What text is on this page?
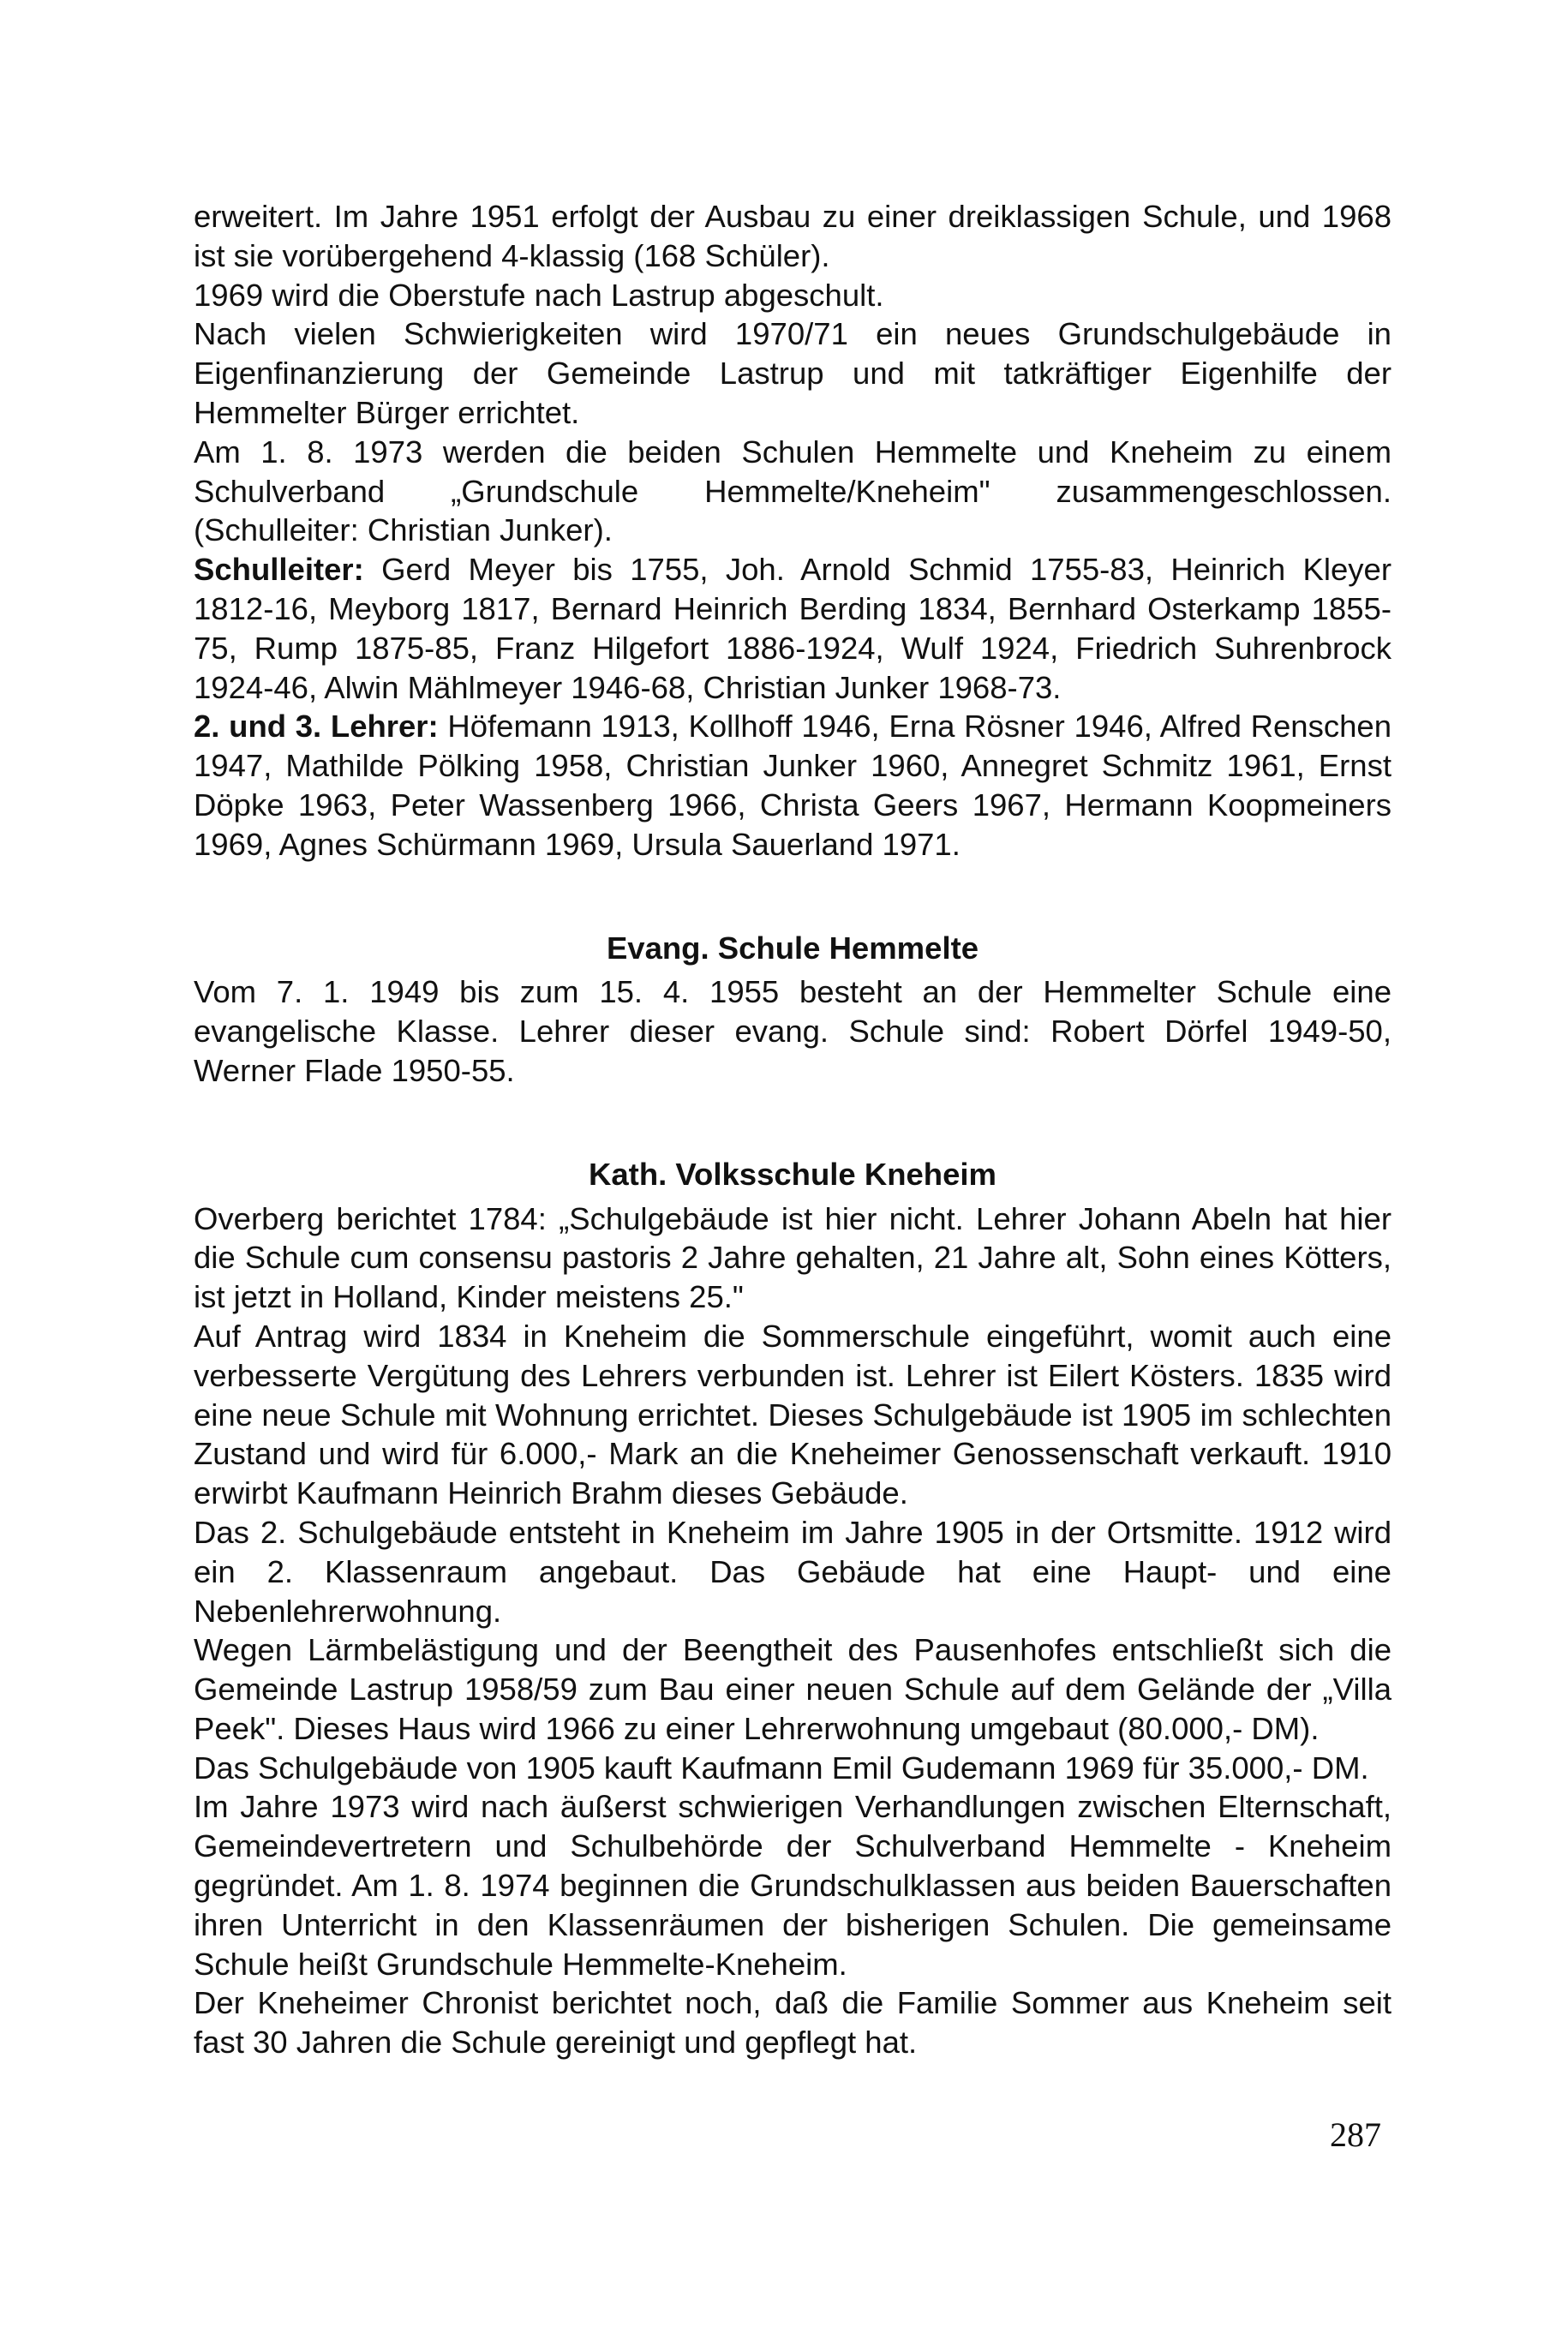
erweitert. Im Jahre 1951 erfolgt der Ausbau zu einer dreiklassigen Schule, und 1968 ist sie vorübergehend 4-klassig (168 Schüler).

1969 wird die Oberstufe nach Lastrup abgeschult.

Nach vielen Schwierigkeiten wird 1970/71 ein neues Grundschulgebäude in Eigenfinanzierung der Gemeinde Lastrup und mit tatkräftiger Eigenhilfe der Hemmelter Bürger errichtet.

Am 1. 8. 1973 werden die beiden Schulen Hemmelte und Kneheim zu einem Schulverband „Grundschule Hemmelte/Kneheim" zusammengeschlossen. (Schulleiter: Christian Junker).

Schulleiter: Gerd Meyer bis 1755, Joh. Arnold Schmid 1755-83, Heinrich Kleyer 1812-16, Meyborg 1817, Bernard Heinrich Berding 1834, Bernhard Osterkamp 1855-75, Rump 1875-85, Franz Hilgefort 1886-1924, Wulf 1924, Friedrich Suhrenbrock 1924-46, Alwin Mählmeyer 1946-68, Christian Junker 1968-73.

2. und 3. Lehrer: Höfemann 1913, Kollhoff 1946, Erna Rösner 1946, Alfred Renschen 1947, Mathilde Pölking 1958, Christian Junker 1960, Annegret Schmitz 1961, Ernst Döpke 1963, Peter Wassenberg 1966, Christa Geers 1967, Hermann Koopmeiners 1969, Agnes Schürmann 1969, Ursula Sauerland 1971.

Evang. Schule Hemmelte

Vom 7. 1. 1949 bis zum 15. 4. 1955 besteht an der Hemmelter Schule eine evangelische Klasse. Lehrer dieser evang. Schule sind: Robert Dörfel 1949-50, Werner Flade 1950-55.

Kath. Volksschule Kneheim

Overberg berichtet 1784: „Schulgebäude ist hier nicht. Lehrer Johann Abeln hat hier die Schule cum consensu pastoris 2 Jahre gehalten, 21 Jahre alt, Sohn eines Kötters, ist jetzt in Holland, Kinder meistens 25."

Auf Antrag wird 1834 in Kneheim die Sommerschule eingeführt, womit auch eine verbesserte Vergütung des Lehrers verbunden ist. Lehrer ist Eilert Kösters. 1835 wird eine neue Schule mit Wohnung errichtet. Dieses Schulgebäude ist 1905 im schlechten Zustand und wird für 6.000,- Mark an die Kneheimer Genossenschaft verkauft. 1910 erwirbt Kaufmann Heinrich Brahm dieses Gebäude.

Das 2. Schulgebäude entsteht in Kneheim im Jahre 1905 in der Ortsmitte. 1912 wird ein 2. Klassenraum angebaut. Das Gebäude hat eine Haupt- und eine Nebenlehrerwohnung.

Wegen Lärmbelästigung und der Beengtheit des Pausenhofes entschließt sich die Gemeinde Lastrup 1958/59 zum Bau einer neuen Schule auf dem Gelände der „Villa Peek". Dieses Haus wird 1966 zu einer Lehrerwohnung umgebaut (80.000,- DM).

Das Schulgebäude von 1905 kauft Kaufmann Emil Gudemann 1969 für 35.000,- DM.

Im Jahre 1973 wird nach äußerst schwierigen Verhandlungen zwischen Elternschaft, Gemeindevertretern und Schulbehörde der Schulverband Hemmelte - Kneheim gegründet. Am 1. 8. 1974 beginnen die Grundschulklassen aus beiden Bauerschaften ihren Unterricht in den Klassenräumen der bisherigen Schulen. Die gemeinsame Schule heißt Grundschule Hemmelte-Kneheim.

Der Kneheimer Chronist berichtet noch, daß die Familie Sommer aus Kneheim seit fast 30 Jahren die Schule gereinigt und gepflegt hat.

287
